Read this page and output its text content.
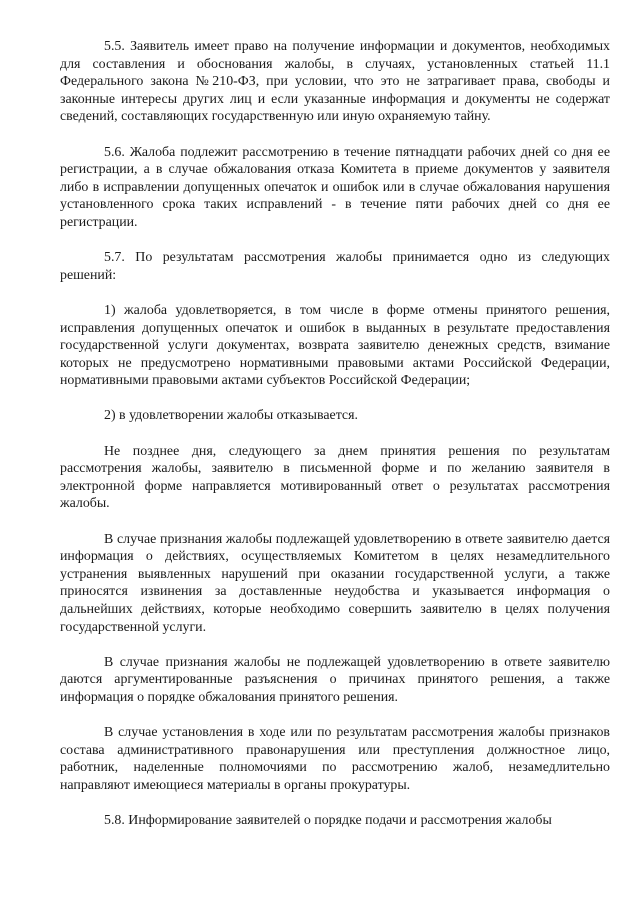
5.5. Заявитель имеет право на получение информации и документов, необходимых для составления и обоснования жалобы, в случаях, установленных статьей 11.1 Федерального закона №210-ФЗ, при условии, что это не затрагивает права, свободы и законные интересы других лиц и если указанные информация и документы не содержат сведений, составляющих государственную или иную охраняемую тайну.

5.6. Жалоба подлежит рассмотрению в течение пятнадцати рабочих дней со дня ее регистрации, а в случае обжалования отказа Комитета в приеме документов у заявителя либо в исправлении допущенных опечаток и ошибок или в случае обжалования нарушения установленного срока таких исправлений - в течение пяти рабочих дней со дня ее регистрации.

5.7. По результатам рассмотрения жалобы принимается одно из следующих решений:

1) жалоба удовлетворяется, в том числе в форме отмены принятого решения, исправления допущенных опечаток и ошибок в выданных в результате предоставления государственной услуги документах, возврата заявителю денежных средств, взимание которых не предусмотрено нормативными правовыми актами Российской Федерации, нормативными правовыми актами субъектов Российской Федерации;

2) в удовлетворении жалобы отказывается.

Не позднее дня, следующего за днем принятия решения по результатам рассмотрения жалобы, заявителю в письменной форме и по желанию заявителя в электронной форме направляется мотивированный ответ о результатах рассмотрения жалобы.

В случае признания жалобы подлежащей удовлетворению в ответе заявителю дается информация о действиях, осуществляемых Комитетом в целях незамедлительного устранения выявленных нарушений при оказании государственной услуги, а также приносятся извинения за доставленные неудобства и указывается информация о дальнейших действиях, которые необходимо совершить заявителю в целях получения государственной услуги.

В случае признания жалобы не подлежащей удовлетворению в ответе заявителю даются аргументированные разъяснения о причинах принятого решения, а также информация о порядке обжалования принятого решения.

В случае установления в ходе или по результатам рассмотрения жалобы признаков состава административного правонарушения или преступления должностное лицо, работник, наделенные полномочиями по рассмотрению жалоб, незамедлительно направляют имеющиеся материалы в органы прокуратуры.

5.8. Информирование заявителей о порядке подачи и рассмотрения жалобы
